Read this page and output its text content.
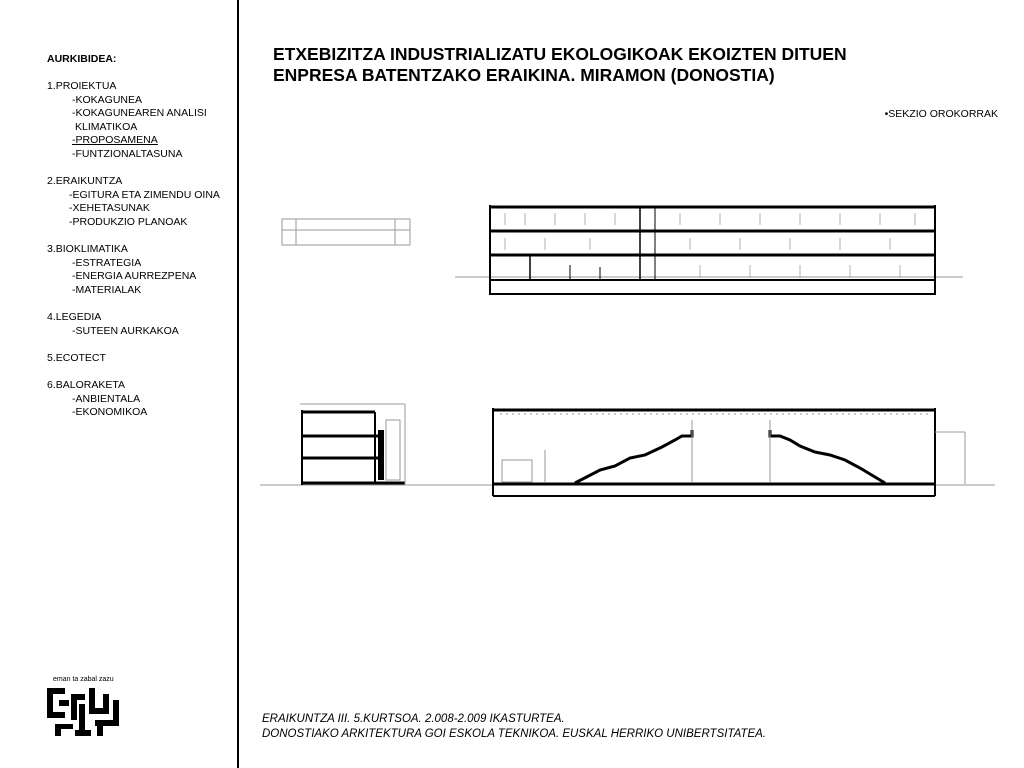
AURKIBIDEA:
1.PROIEKTUA
-KOKAGUNEA
-KOKAGUNEAREN ANALISI
KLIMATIKOA
-PROPOSAMENA
-FUNTZIONALTASUNA
2.ERAIKUNTZA
-EGITURA ETA ZIMENDU OINA
-XEHETASUNAK
-PRODUKZIO PLANOAK
3.BIOKLIMATIKA
-ESTRATEGIA
-ENERGIA AURREZPENA
-MATERIALAK
4.LEGEDIA
-SUTEEN AURKAKOA
5.ECOTECT
6.BALORAKETA
-ANBIENTALA
-EKONOMIKOA
eman ta zabal zazu
ETXEBIZITZA INDUSTRIALIZATU EKOLOGIKOAK EKOIZTEN DITUEN
ENPRESA BATENTZAKO ERAIKINA. MIRAMON (DONOSTIA)
•SEKZIO OROKORRAK
ERAIKUNTZA III. 5.KURTSOA. 2.008-2.009 IKASTURTEA.
DONOSTIAKO ARKITEKTURA GOI ESKOLA TEKNIKOA. EUSKAL HERRIKO UNIBERTSITATEA.
